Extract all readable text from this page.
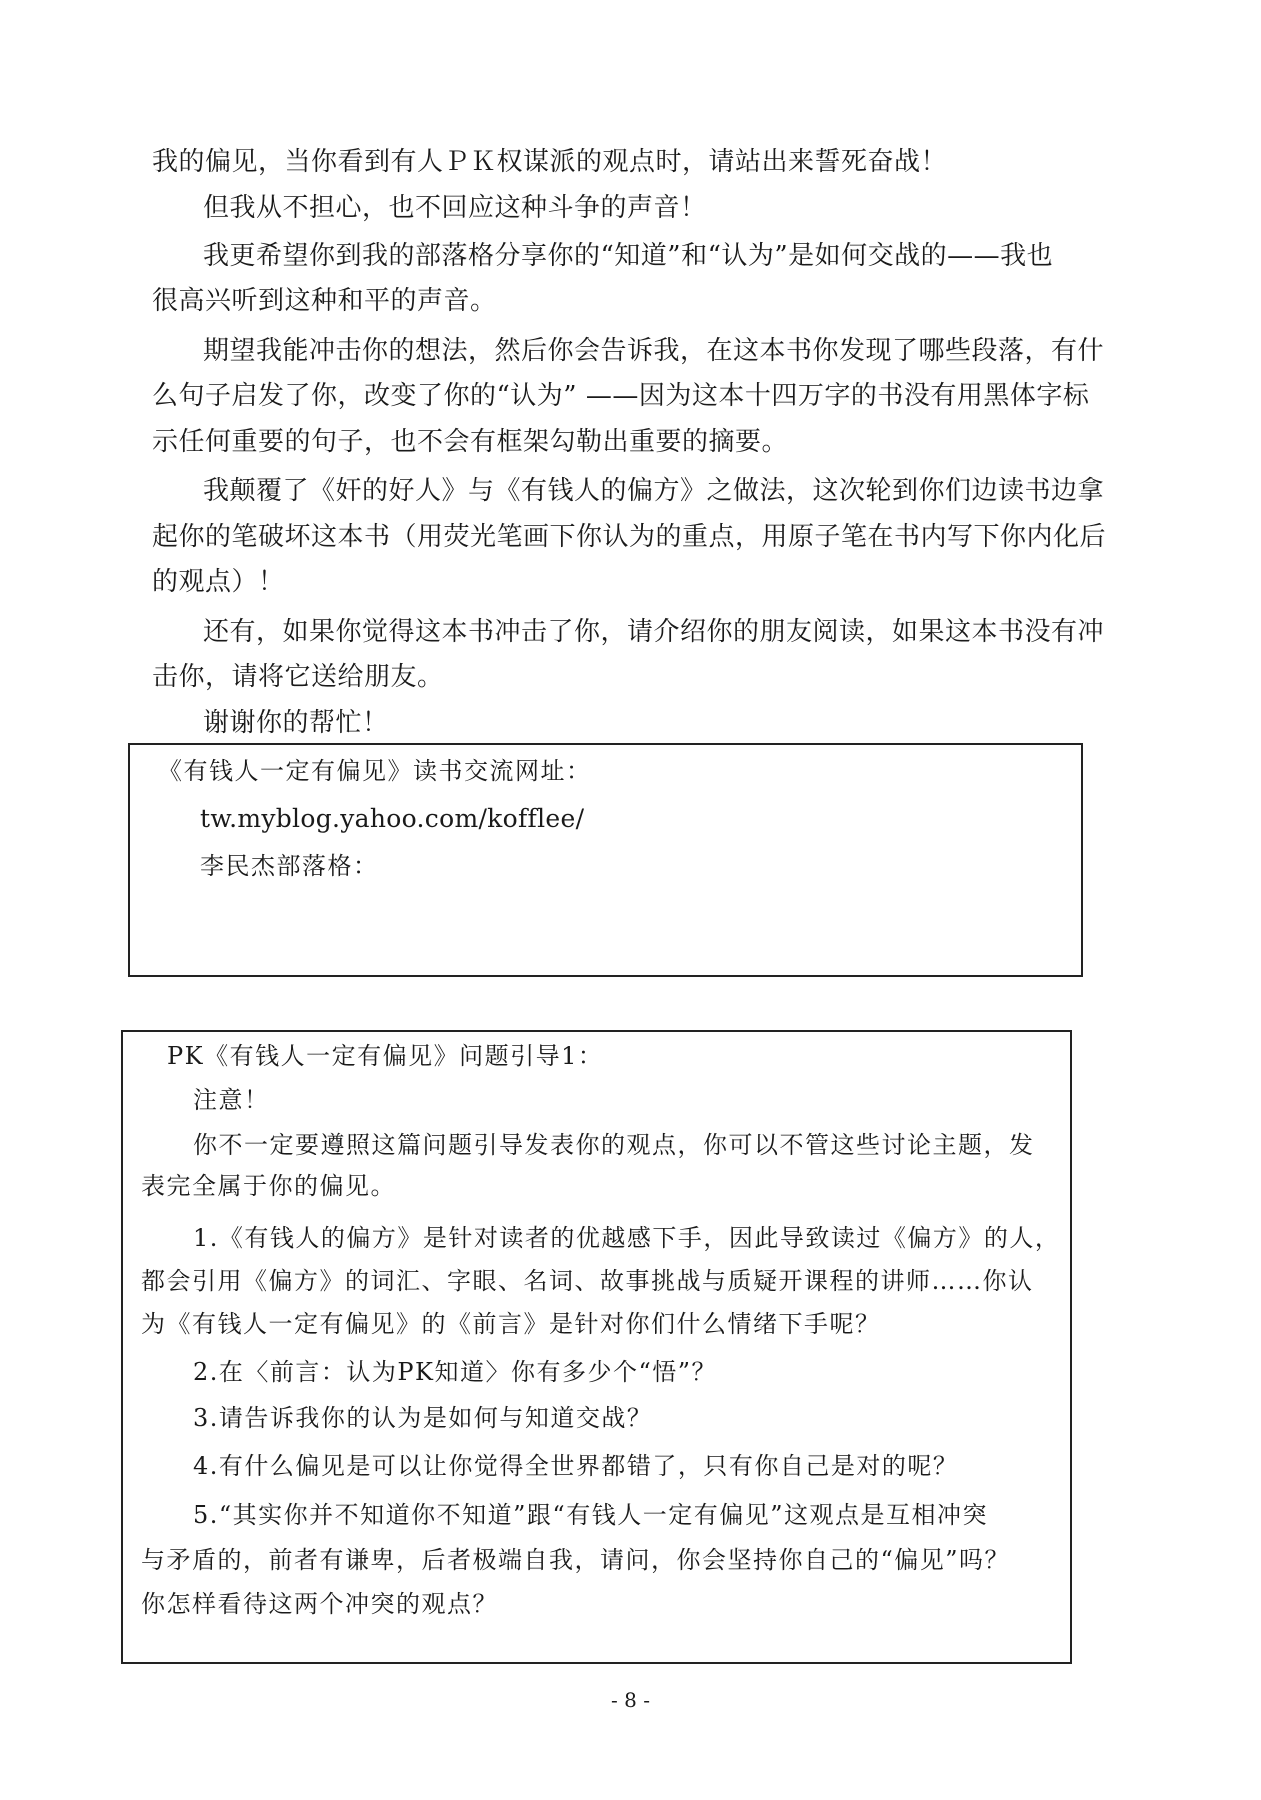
我的偏见，当你看到有人ＰＫ权谋派的观点时，请站出来誓死奋战！
但我从不担心，也不回应这种斗争的声音！
我更希望你到我的部落格分享你的“知道”和“认为”是如何交战的——我也
很高兴听到这种和平的声音。
期望我能冲击你的想法，然后你会告诉我，在这本书你发现了哪些段落，有什
么句子启发了你，改变了你的“认为” ——因为这本十四万字的书没有用黑体字标
示任何重要的句子，也不会有框架勾勒出重要的摘要。
我颠覆了《奸的好人》与《有钱人的偏方》之做法，这次轮到你们边读书边拿
起你的笔破坏这本书（用荧光笔画下你认为的重点，用原子笔在书内写下你内化后
的观点）！
还有，如果你觉得这本书冲击了你，请介绍你的朋友阅读，如果这本书没有冲
击你，请将它送给朋友。
谢谢你的帮忙！
《有钱人一定有偏见》读书交流网址：
tw.myblog.yahoo.com/kofflee/
李民杰部落格：
PK《有钱人一定有偏见》问题引导1：
注意！
你不一定要遵照这篇问题引导发表你的观点，你可以不管这些讨论主题，发
表完全属于你的偏见。
1.《有钱人的偏方》是针对读者的优越感下手，因此导致读过《偏方》的人，
都会引用《偏方》的词汇、字眼、名词、故事挑战与质疑开课程的讲师……你认
为《有钱人一定有偏见》的《前言》是针对你们什么情绪下手呢？
2.在〈前言：认为PK知道〉你有多少个“悟”？
3.请告诉我你的认为是如何与知道交战？
4.有什么偏见是可以让你觉得全世界都错了，只有你自己是对的呢？
5.“其实你并不知道你不知道”跟“有钱人一定有偏见”这观点是互相冲突
与矛盾的，前者有谦卑，后者极端自我，请问，你会坚持你自己的“偏见”吗？
你怎样看待这两个冲突的观点？
- 8 -
